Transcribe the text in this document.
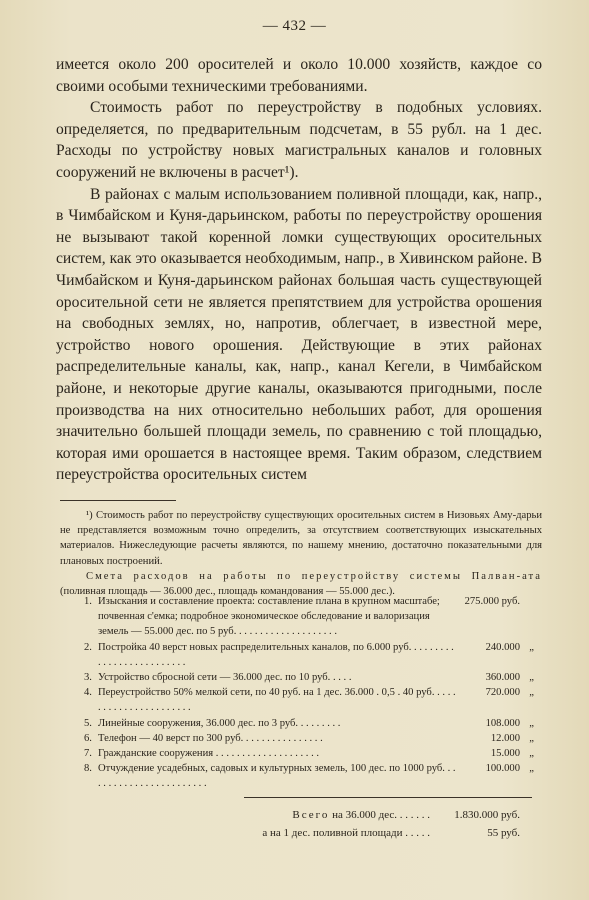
— 432 —

имеется около 200 оросителей и около 10.000 хозяйств, каждое со своими особыми техническими требованиями.

Стоимость работ по переустройству в подобных условиях. определяется, по предварительным подсчетам, в 55 рубл. на 1 дес. Расходы по устройству новых магистральных каналов и головных сооружений не включены в расчет¹).

В районах с малым использованием поливной площади, как, напр., в Чимбайском и Куня-дарьинском, работы по переустройству орошения не вызывают такой коренной ломки существующих оросительных систем, как это оказывается необходимым, напр., в Хивинском районе. В Чимбайском и Куня-дарьинском районах большая часть существующей оросительной сети не является препятствием для устройства орошения на свободных землях, но, напротив, облегчает, в известной мере, устройство нового орошения. Действующие в этих районах распределительные каналы, как, напр., канал Кегели, в Чимбайском районе, и некоторые другие каналы, оказываются пригодными, после производства на них относительно небольших работ, для орошения значительно большей площади земель, по сравнению с той площадью, которая ими орошается в настоящее время. Таким образом, следствием переустройства оросительных систем

¹) Стоимость работ по переустройству существующих оросительных систем в Низовьях Аму-дарьи не представляется возможным точно определить, за отсутствием соответствующих изыскательных материалов. Нижеследующие расчеты являются, по нашему мнению, достаточно показательными для плановых построений.

Смета расходов на работы по переустройству системы Палван-ата (поливная площадь — 36.000 дес., площадь командования — 55.000 дес.).

1. Изыскания и составление проекта: составление плана в крупном масштабе; почвенная с'емка; подробное экономическое обследование и валоризация земель — 55.000 дес. по 5 руб. . . . . . . . . . . . . . . . . . . .
275.000 руб.
2. Постройка 40 верст новых распределительных каналов, по 6.000 руб. . . . . . . . . . . . . . . . . . . . . . . . . .
240.000 „
3. Устройство сбросной сети — 36.000 дес. по 10 руб. . . . .	360.000 „
4. Переустройство 50% мелкой сети, по 40 руб. на 1 дес. 36.000 . 0,5 . 40 руб. . . . . . . . . . . . . . . . . . . . . . .
720.000 „
5. Линейные сооружения, 36.000 дес. по 3 руб. . . . . . . . .	108.000 „
6. Телефон — 40 верст по 300 руб. . . . . . . . . . . . . . . .	12.000 „
7. Гражданские сооружения . . . . . . . . . . . . . . . . . . . .	15.000 „
8. Отчуждение усадебных, садовых и культурных земель, 100 дес. по 1000 руб. . . . . . . . . . . . . . . . . . . . . . . .
100.000 „
Всего на 36.000 дес. . . . . . .	1.830.000 руб.
а на 1 дес. поливной площади . . . . .	55 руб.
